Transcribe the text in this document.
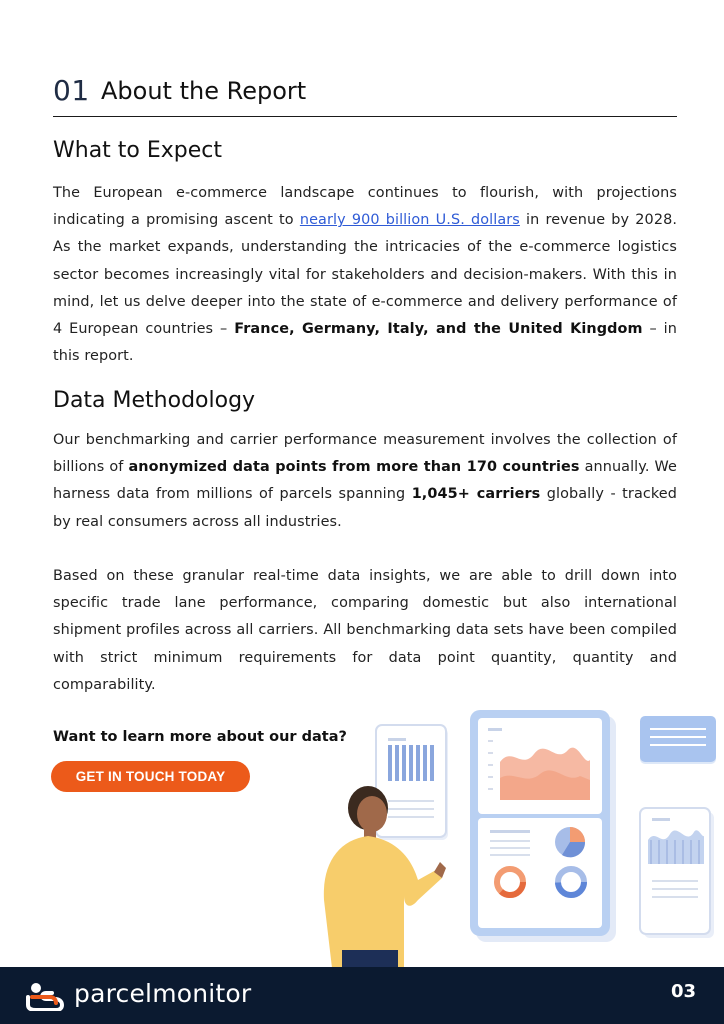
01 About the Report
What to Expect

The European e-commerce landscape continues to flourish, with projections indicating a promising ascent to nearly 900 billion U.S. dollars in revenue by 2028. As the market expands, understanding the intricacies of the e-commerce logistics sector becomes increasingly vital for stakeholders and decision-makers. With this in mind, let us delve deeper into the state of e-commerce and delivery performance of 4 European countries – France, Germany, Italy, and the United Kingdom – in this report.

Data Methodology

Our benchmarking and carrier performance measurement involves the collection of billions of anonymized data points from more than 170 countries annually. We harness data from millions of parcels spanning 1,045+ carriers globally - tracked by real consumers across all industries.

Based on these granular real-time data insights, we are able to drill down into specific trade lane performance, comparing domestic but also international shipment profiles across all carriers. All benchmarking data sets have been compiled with strict minimum requirements for data point quantity, quantity and comparability.

Want to learn more about our data?
GET IN TOUCH TODAY
parcelmonitor	03
